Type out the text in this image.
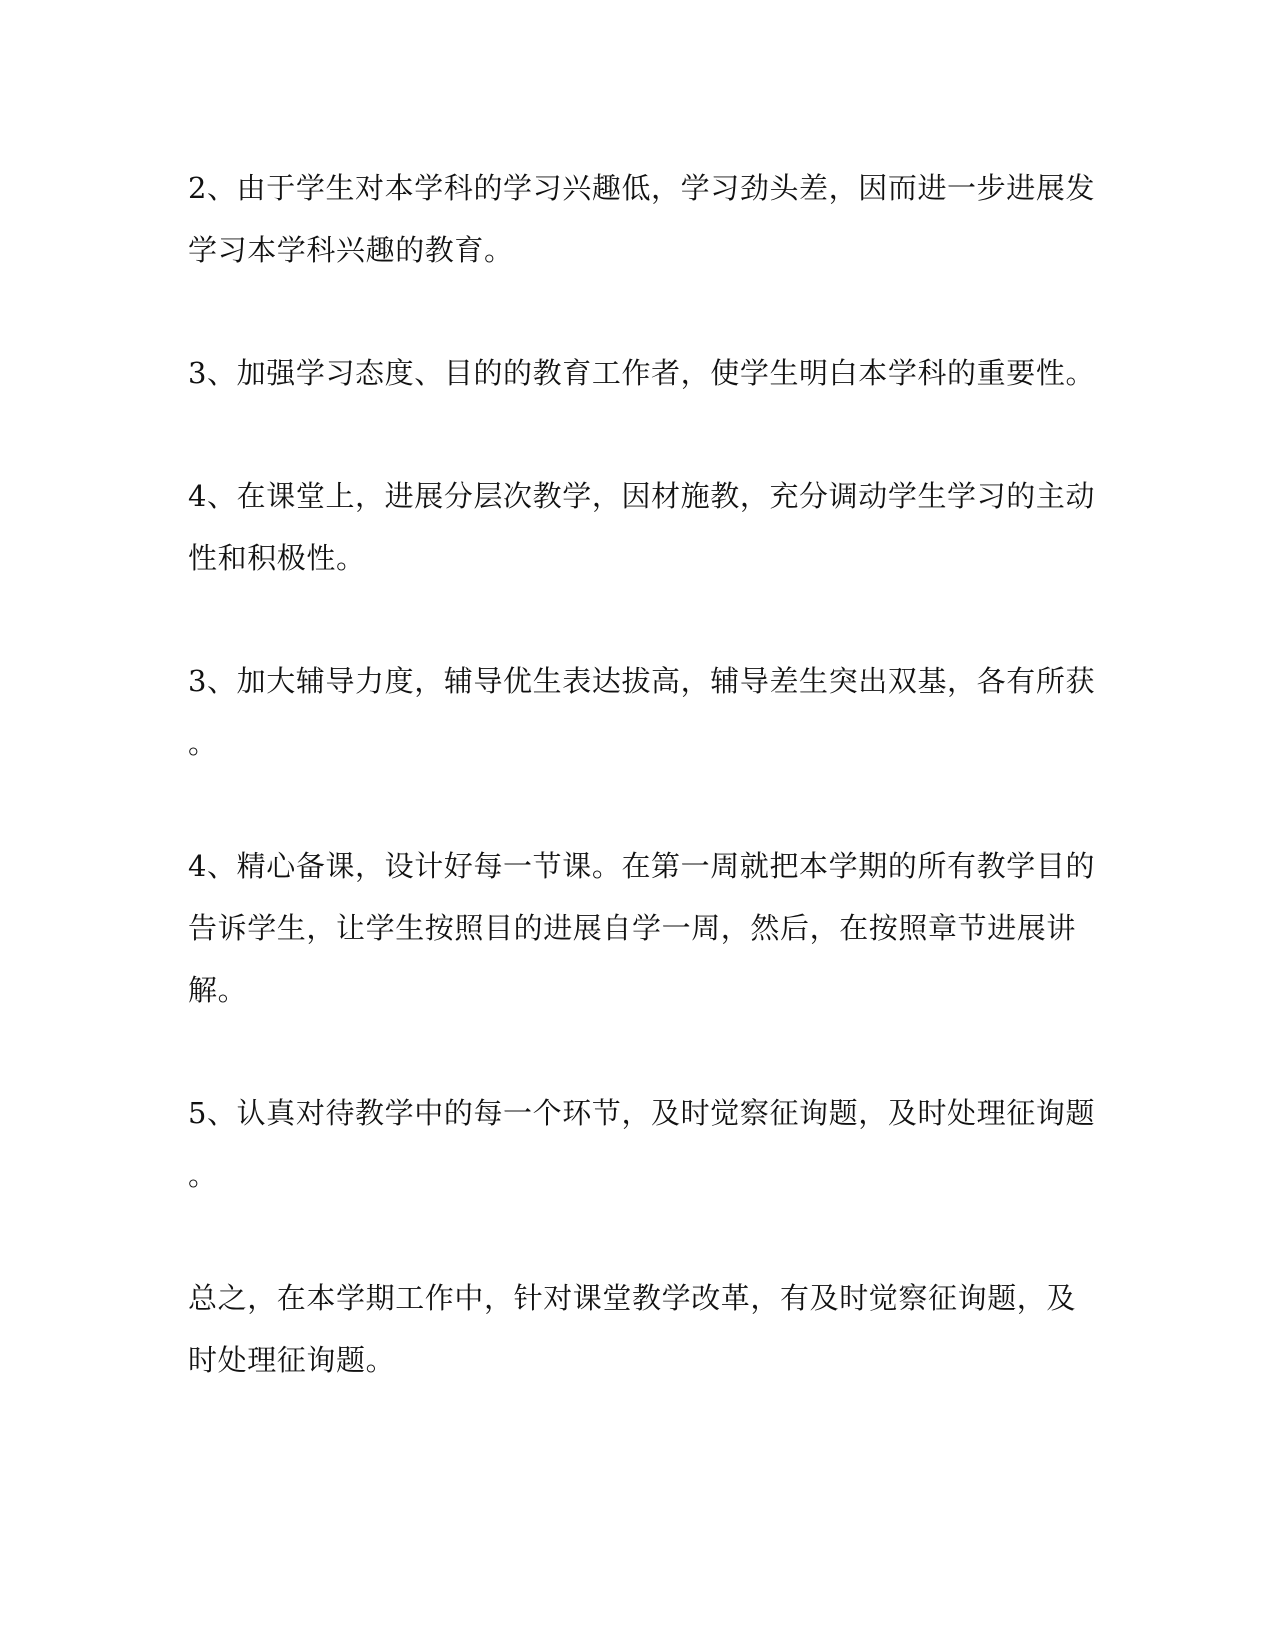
2、由于学生对本学科的学习兴趣低，学习劲头差，因而进一步进展发
学习本学科兴趣的教育。
3、加强学习态度、目的的教育工作者，使学生明白本学科的重要性。
4、在课堂上，进展分层次教学，因材施教，充分调动学生学习的主动
性和积极性。
3、加大辅导力度，辅导优生表达拔高，辅导差生突出双基，各有所获
。
4、精心备课，设计好每一节课。在第一周就把本学期的所有教学目的
告诉学生，让学生按照目的进展自学一周，然后，在按照章节进展讲
解。
5、认真对待教学中的每一个环节，及时觉察征询题，及时处理征询题
。
总之，在本学期工作中，针对课堂教学改革，有及时觉察征询题，及
时处理征询题。
